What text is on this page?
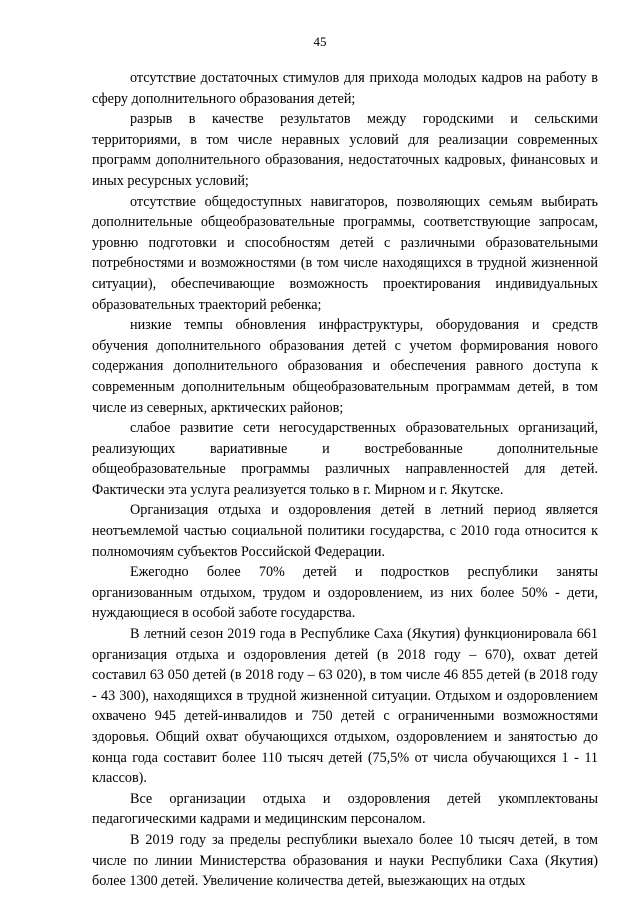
45

отсутствие достаточных стимулов для прихода молодых кадров на работу в сферу дополнительного образования детей;

разрыв в качестве результатов между городскими и сельскими территориями, в том числе неравных условий для реализации современных программ дополнительного образования, недостаточных кадровых, финансовых и иных ресурсных условий;

отсутствие общедоступных навигаторов, позволяющих семьям выбирать дополнительные общеобразовательные программы, соответствующие запросам, уровню подготовки и способностям детей с различными образовательными потребностями и возможностями (в том числе находящихся в трудной жизненной ситуации), обеспечивающие возможность проектирования индивидуальных образовательных траекторий ребенка;

низкие темпы обновления инфраструктуры, оборудования и средств обучения дополнительного образования детей с учетом формирования нового содержания дополнительного образования и обеспечения равного доступа к современным дополнительным общеобразовательным программам детей, в том числе из северных, арктических районов;

слабое развитие сети негосударственных образовательных организаций, реализующих вариативные и востребованные дополнительные общеобразовательные программы различных направленностей для детей. Фактически эта услуга реализуется только в г. Мирном и г. Якутске.

Организация отдыха и оздоровления детей в летний период является неотъемлемой частью социальной политики государства, с 2010 года относится к полномочиям субъектов Российской Федерации.

Ежегодно более 70% детей и подростков республики заняты организованным отдыхом, трудом и оздоровлением, из них более 50% - дети, нуждающиеся в особой заботе государства.

В летний сезон 2019 года в Республике Саха (Якутия) функционировала 661 организация отдыха и оздоровления детей (в 2018 году – 670), охват детей составил 63 050 детей (в 2018 году – 63 020), в том числе 46 855 детей (в 2018 году - 43 300), находящихся в трудной жизненной ситуации. Отдыхом и оздоровлением охвачено 945 детей-инвалидов и 750 детей с ограниченными возможностями здоровья. Общий охват обучающихся отдыхом, оздоровлением и занятостью до конца года составит более 110 тысяч детей (75,5% от числа обучающихся 1 - 11 классов).

Все организации отдыха и оздоровления детей укомплектованы педагогическими кадрами и медицинским персоналом.

В 2019 году за пределы республики выехало более 10 тысяч детей, в том числе по линии Министерства образования и науки Республики Саха (Якутия) более 1300 детей. Увеличение количества детей, выезжающих на отдых
